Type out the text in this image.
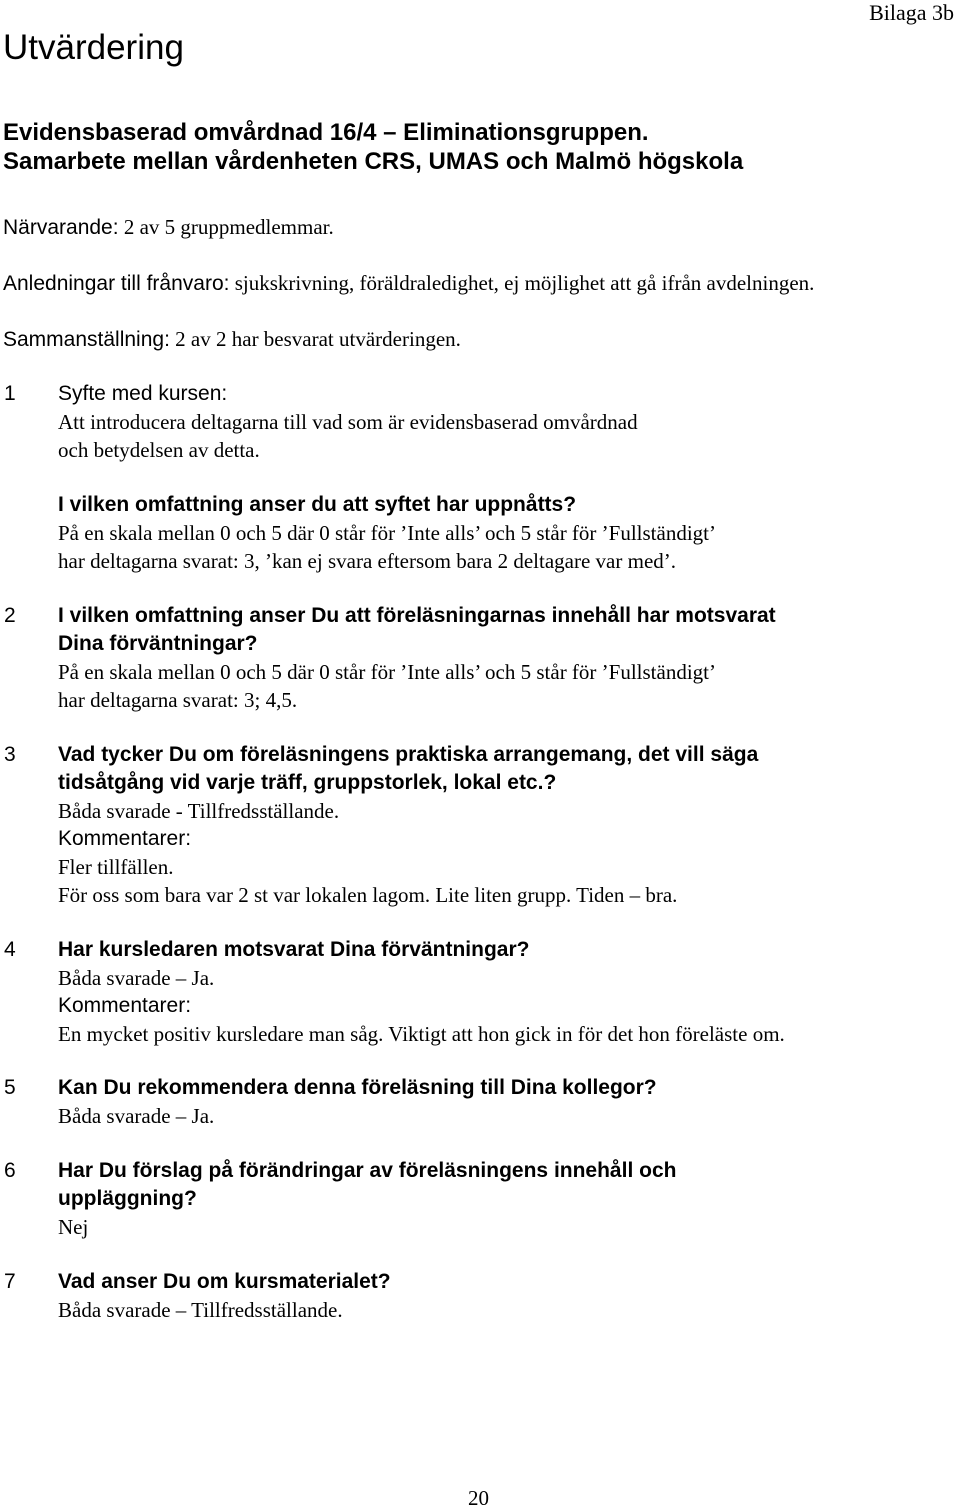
Bilaga 3b
Utvärdering
Evidensbaserad omvårdnad 16/4 – Eliminationsgruppen.
Samarbete mellan vårdenheten CRS, UMAS och Malmö högskola
Närvarande: 2 av 5 gruppmedlemmar.
Anledningar till frånvaro: sjukskrivning, föräldraledighet, ej möjlighet att gå ifrån avdelningen.
Sammanställning: 2 av 2 har besvarat utvärderingen.
1 Syfte med kursen:
Att introducera deltagarna till vad som är evidensbaserad omvårdnad
och betydelsen av detta.
I vilken omfattning anser du att syftet har uppnåtts?
På en skala mellan 0 och 5 där 0 står för ’Inte alls’ och 5 står för ’Fullständigt’
har deltagarna svarat: 3, ’kan ej svara eftersom bara 2 deltagare var med’.
2 I vilken omfattning anser Du att föreläsningarnas innehåll har motsvarat
Dina förväntningar?
På en skala mellan 0 och 5 där 0 står för ’Inte alls’ och 5 står för ’Fullständigt’
har deltagarna svarat: 3; 4,5.
3 Vad tycker Du om föreläsningens praktiska arrangemang, det vill säga
tidsåtgång vid varje träff, gruppstorlek, lokal etc.?
Båda svarade - Tillfredsställande.
Kommentarer:
Fler tillfällen.
För oss som bara var 2 st var lokalen lagom. Lite liten grupp. Tiden – bra.
4 Har kursledaren motsvarat Dina förväntningar?
Båda svarade – Ja.
Kommentarer:
En mycket positiv kursledare man såg. Viktigt att hon gick in för det hon föreläste om.
5 Kan Du rekommendera denna föreläsning till Dina kollegor?
Båda svarade – Ja.
6 Har Du förslag på förändringar av föreläsningens innehåll och
uppläggning?
Nej
7 Vad anser Du om kursmaterialet?
Båda svarade – Tillfredsställande.
20
